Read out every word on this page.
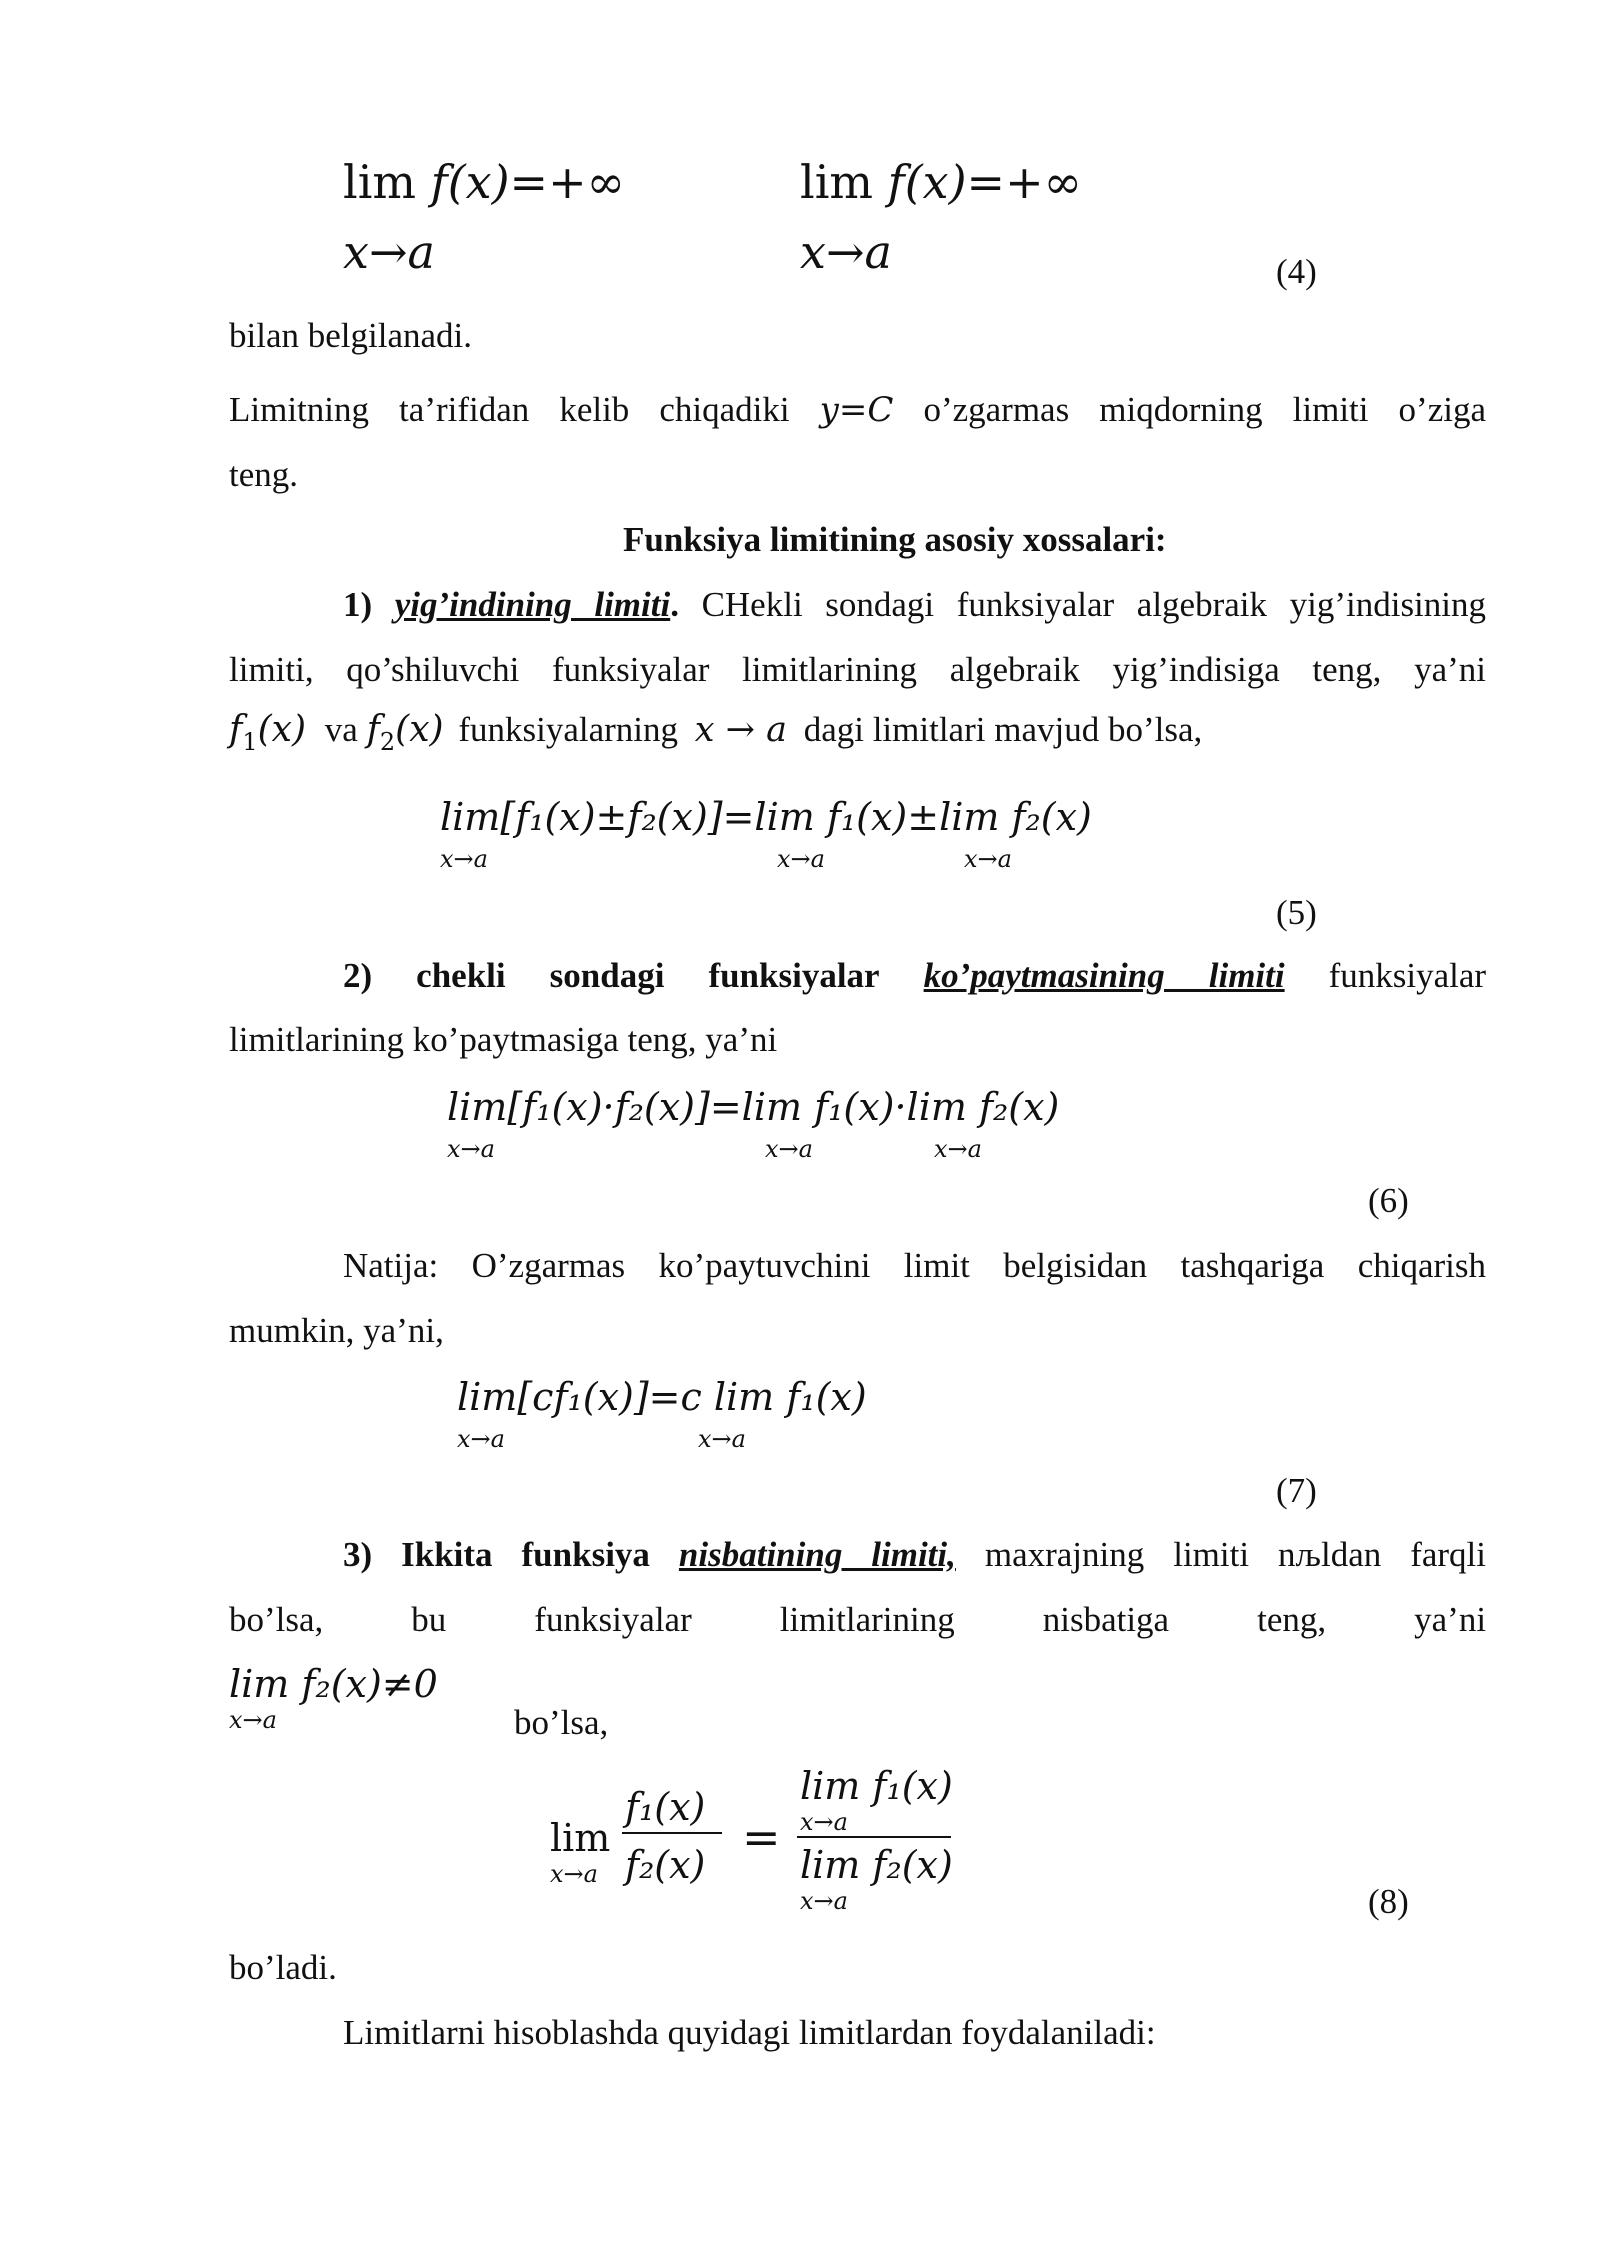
lim f(x)=+∞
x→a
lim f(x)=+∞
x→a	(4)
bilan belgilanadi.
Limitning ta’rifidan kelib chiqadiki y=C o’zgarmas miqdorning limiti o’ziga
teng.
Funksiya limitining asosiy xossalari:
1) yig’indining limiti. CHekli sondagi funksiyalar algebraik yig’indisining
limiti, qo’shiluvchi funksiyalar limitlarining algebraik yig’indisiga teng, ya’ni
$f_1(x)$ va $f_2(x)$ funksiyalarning x → a dagi limitlari mavjud bo’lsa,
lim[f₁(x)±f₂(x)]=lim f₁(x)±lim f₂(x)
x→a	x→a	x→a
(5)
2) chekli sondagi funksiyalar ko’paytmasining limiti funksiyalar
limitlarining ko’paytmasiga teng, ya’ni
lim[f₁(x)·f₂(x)]=lim f₁(x)·lim f₂(x)
x→a	x→a	x→a
(6)
Natija: O’zgarmas ko’paytuvchini limit belgisidan tashqariga chiqarish
mumkin, ya’ni,
lim[cf₁(x)]=c lim f₁(x)
x→a	x→a
(7)
3) Ikkita funksiya nisbatining limiti, maxrajning limiti nљldan farqli
bo’lsa,	bu	funksiyalar	limitlarining	nisbatiga	teng,	ya’ni
lim f₂(x)≠0
x→a	bo’lsa,
lim
x→a
f₁(x)
f₂(x)
=
lim f₁(x)
x→a
lim f₂(x)
x→a	(8)
bo’ladi.
Limitlarni hisoblashda quyidagi limitlardan foydalaniladi:
